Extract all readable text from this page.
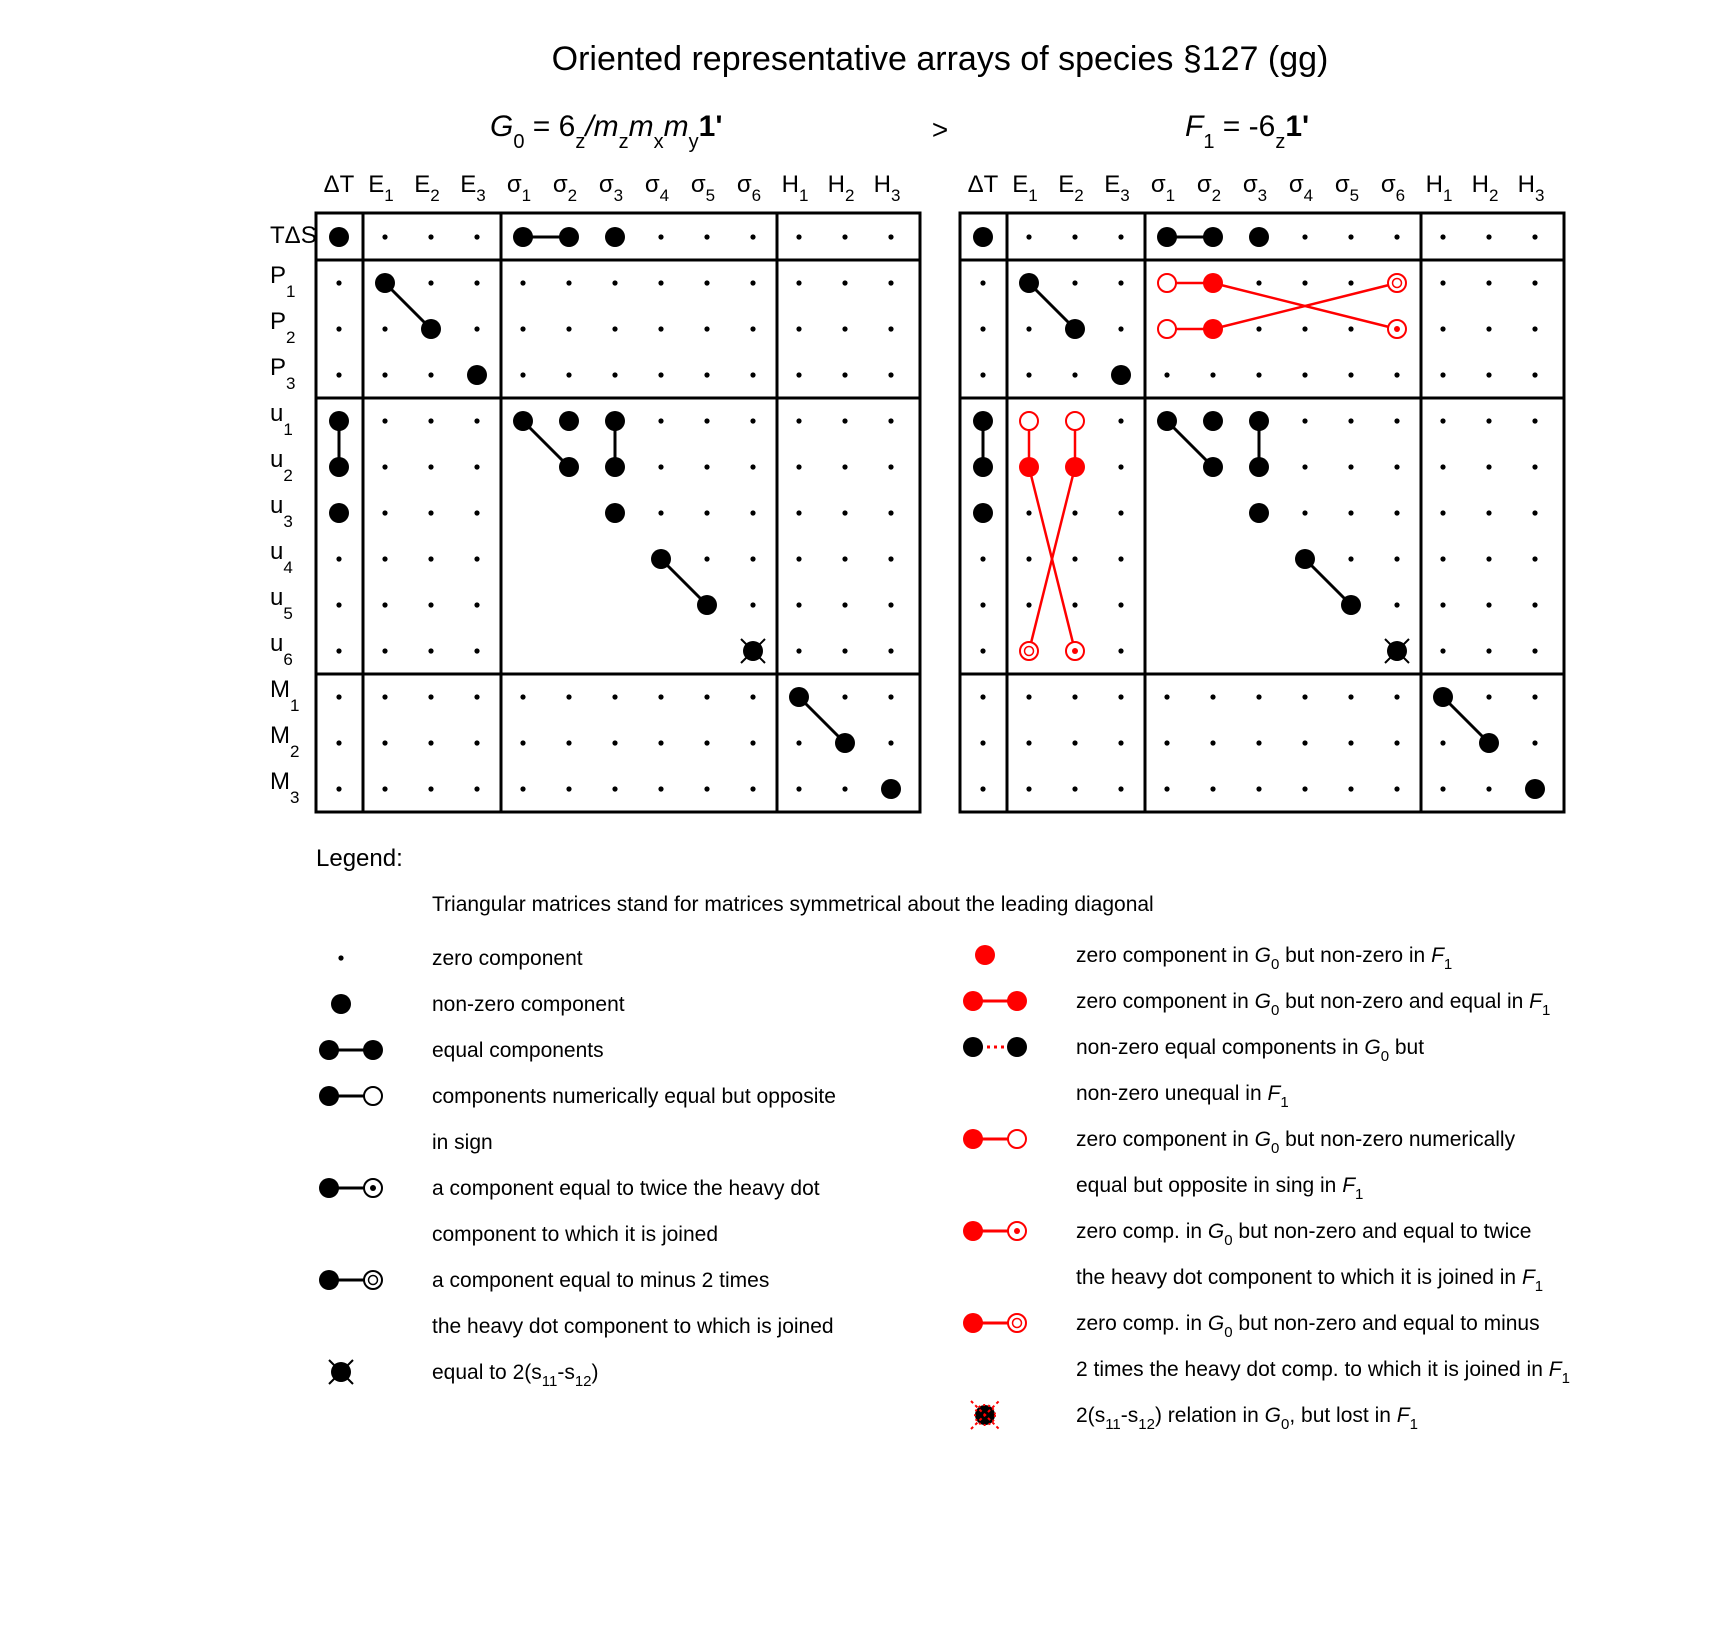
Oriented representative arrays of species §127 (gg)
$G_0 = 6_z/m_zm_xm_y1'$	>	$F_1 = -6_z1'$
ΔT $E_1$ $E_2$ $E_3$ $\sigma_1$ $\sigma_2$ $\sigma_3$ $\sigma_4$ $\sigma_5$ $\sigma_6$ $H_1$ $H_2$ $H_3$
TΔS
$P_1$
$P_2$
$P_3$
$u_1$
$u_2$
$u_3$
$u_4$
$u_5$
$u_6$
$M_1$
$M_2$
$M_3$
ΔT $E_1$ $E_2$ $E_3$ $\sigma_1$ $\sigma_2$ $\sigma_3$ $\sigma_4$ $\sigma_5$ $\sigma_6$ $H_1$ $H_2$ $H_3$
Legend:
Triangular matrices stand for matrices symmetrical about the leading diagonal
zero component
non-zero component
equal components
components numerically equal but opposite
in sign
a component equal to twice the heavy dot
component to which it is joined
a component equal to minus 2 times
the heavy dot component to which is joined
equal to $2(s_{11}-s_{12})$
zero component in $G_0$ but non-zero in $F_1$
zero component in $G_0$ but non-zero and equal in $F_1$
non-zero equal components in $G_0$ but
non-zero unequal in $F_1$
zero component in $G_0$ but non-zero numerically
equal but opposite in sing in $F_1$
zero comp. in $G_0$ but non-zero and equal to twice
the heavy dot component to which it is joined in $F_1$
zero comp. in $G_0$ but non-zero and equal to minus
2 times the heavy dot comp. to which it is joined in $F_1$
$2(s_{11}-s_{12})$ relation in $G_0$, but lost in $F_1$
